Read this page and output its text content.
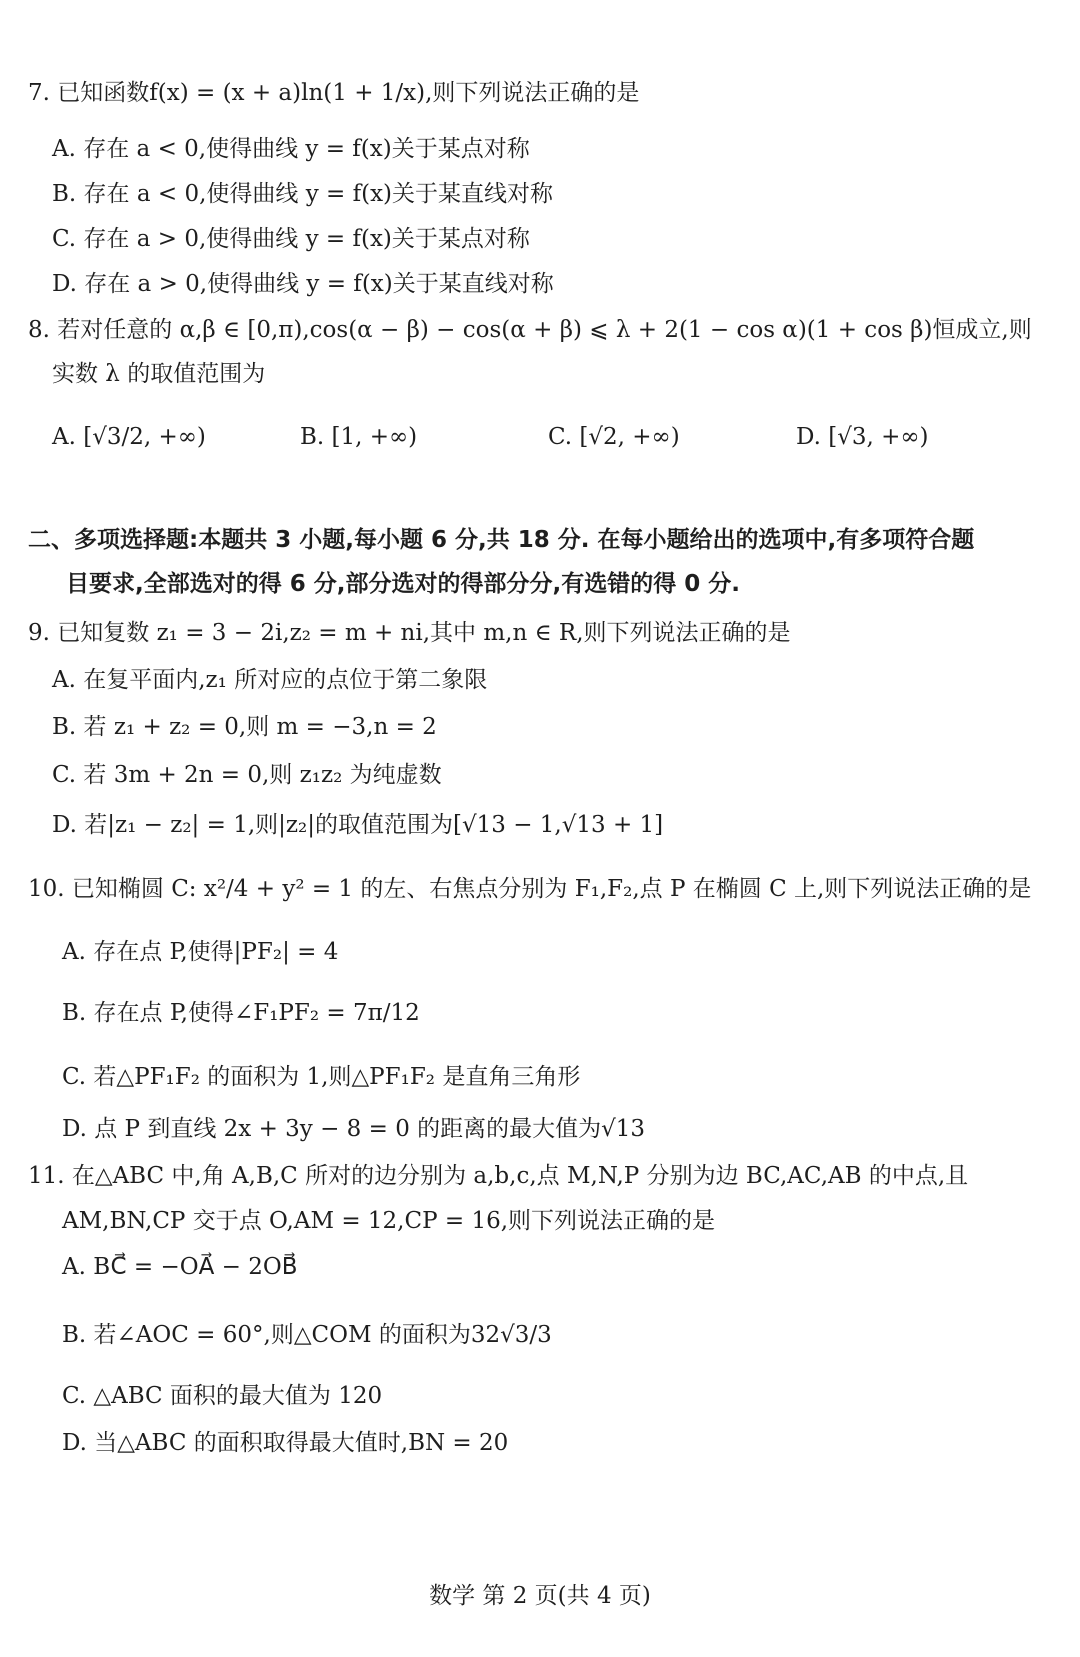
7. 已知函数f(x) = (x + a)ln(1 + 1/x),则下列说法正确的是
A. 存在 a < 0,使得曲线 y = f(x)关于某点对称
B. 存在 a < 0,使得曲线 y = f(x)关于某直线对称
C. 存在 a > 0,使得曲线 y = f(x)关于某点对称
D. 存在 a > 0,使得曲线 y = f(x)关于某直线对称
8. 若对任意的 α,β ∈ [0,π),cos(α − β) − cos(α + β) ⩽ λ + 2(1 − cos α)(1 + cos β)恒成立,则
实数 λ 的取值范围为
A. [√3/2, +∞)	B. [1, +∞)	C. [√2, +∞)	D. [√3, +∞)
二、多项选择题:本题共 3 小题,每小题 6 分,共 18 分. 在每小题给出的选项中,有多项符合题
目要求,全部选对的得 6 分,部分选对的得部分分,有选错的得 0 分.
9. 已知复数 z₁ = 3 − 2i,z₂ = m + ni,其中 m,n ∈ R,则下列说法正确的是
A. 在复平面内,z₁ 所对应的点位于第二象限
B. 若 z₁ + z₂ = 0,则 m = −3,n = 2
C. 若 3m + 2n = 0,则 z₁z₂ 为纯虚数
D. 若|z₁ − z₂| = 1,则|z₂|的取值范围为[√13 − 1,√13 + 1]
10. 已知椭圆 C: x²/4 + y² = 1 的左、右焦点分别为 F₁,F₂,点 P 在椭圆 C 上,则下列说法正确的是
A. 存在点 P,使得|PF₂| = 4
B. 存在点 P,使得∠F₁PF₂ = 7π/12
C. 若△PF₁F₂ 的面积为 1,则△PF₁F₂ 是直角三角形
D. 点 P 到直线 2x + 3y − 8 = 0 的距离的最大值为√13
11. 在△ABC 中,角 A,B,C 所对的边分别为 a,b,c,点 M,N,P 分别为边 BC,AC,AB 的中点,且
AM,BN,CP 交于点 O,AM = 12,CP = 16,则下列说法正确的是
A. BC⃗ = −OA⃗ − 2OB⃗
B. 若∠AOC = 60°,则△COM 的面积为32√3/3
C. △ABC 面积的最大值为 120
D. 当△ABC 的面积取得最大值时,BN = 20
数学 第 2 页(共 4 页)
